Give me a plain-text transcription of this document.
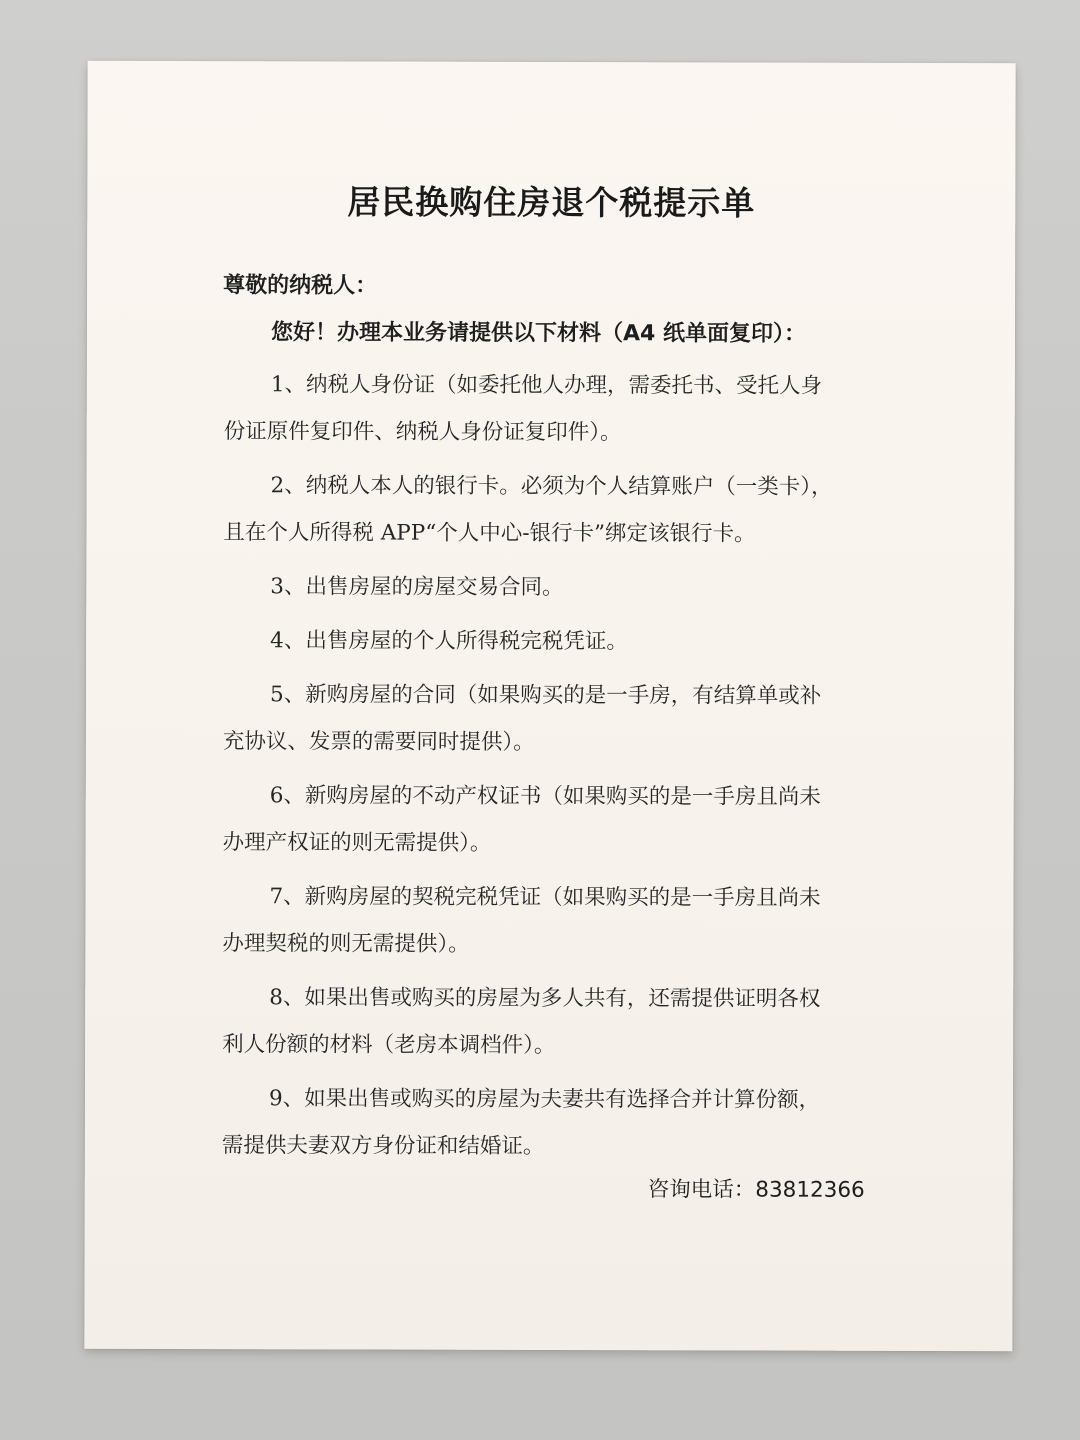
居民换购住房退个税提示单
尊敬的纳税人：
您好！办理本业务请提供以下材料（A4 纸单面复印）：
1、纳税人身份证（如委托他人办理，需委托书、受托人身
份证原件复印件、纳税人身份证复印件）。
2、纳税人本人的银行卡。必须为个人结算账户（一类卡），
且在个人所得税 APP“个人中心-银行卡”绑定该银行卡。
3、出售房屋的房屋交易合同。
4、出售房屋的个人所得税完税凭证。
5、新购房屋的合同（如果购买的是一手房，有结算单或补
充协议、发票的需要同时提供）。
6、新购房屋的不动产权证书（如果购买的是一手房且尚未
办理产权证的则无需提供）。
7、新购房屋的契税完税凭证（如果购买的是一手房且尚未
办理契税的则无需提供）。
8、如果出售或购买的房屋为多人共有，还需提供证明各权
利人份额的材料（老房本调档件）。
9、如果出售或购买的房屋为夫妻共有选择合并计算份额，
需提供夫妻双方身份证和结婚证。
咨询电话：83812366
